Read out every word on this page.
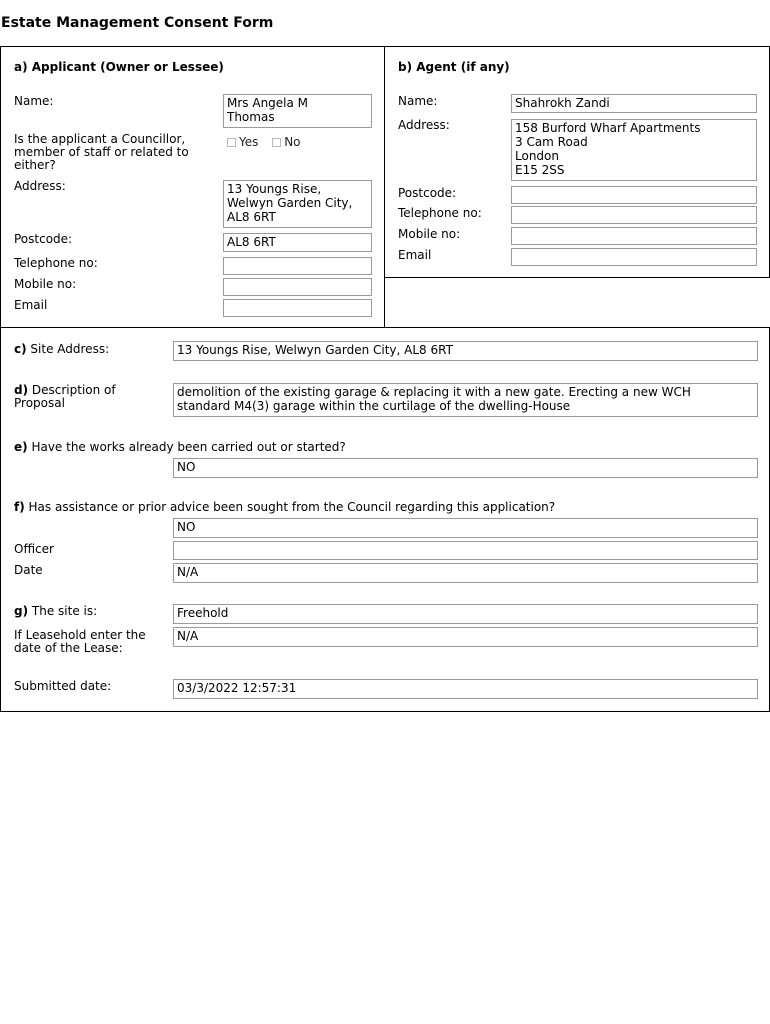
Estate Management Consent Form
a) Applicant (Owner or Lessee)
Name:	Mrs Angela M
Thomas
Is the applicant a Councillor,
member of staff or related to
either?
Yes No
Address:	13 Youngs Rise,
Welwyn Garden City,
AL8 6RT
Postcode:	AL8 6RT
Telephone no:
Mobile no:
Email
b) Agent (if any)
Name:	Shahrokh Zandi
Address:	158 Burford Wharf Apartments
3 Cam Road
London
E15 2SS
Postcode:
Telephone no:
Mobile no:
Email
c) Site Address:	13 Youngs Rise, Welwyn Garden City, AL8 6RT
d) Description of
Proposal
demolition of the existing garage & replacing it with a new gate. Erecting a new WCH
standard M4(3) garage within the curtilage of the dwelling-House
e) Have the works already been carried out or started?
NO
f) Has assistance or prior advice been sought from the Council regarding this application?
NO
Officer
Date	N/A
g) The site is:	Freehold
If Leasehold enter the
date of the Lease:
N/A
Submitted date:	03/3/2022 12:57:31
